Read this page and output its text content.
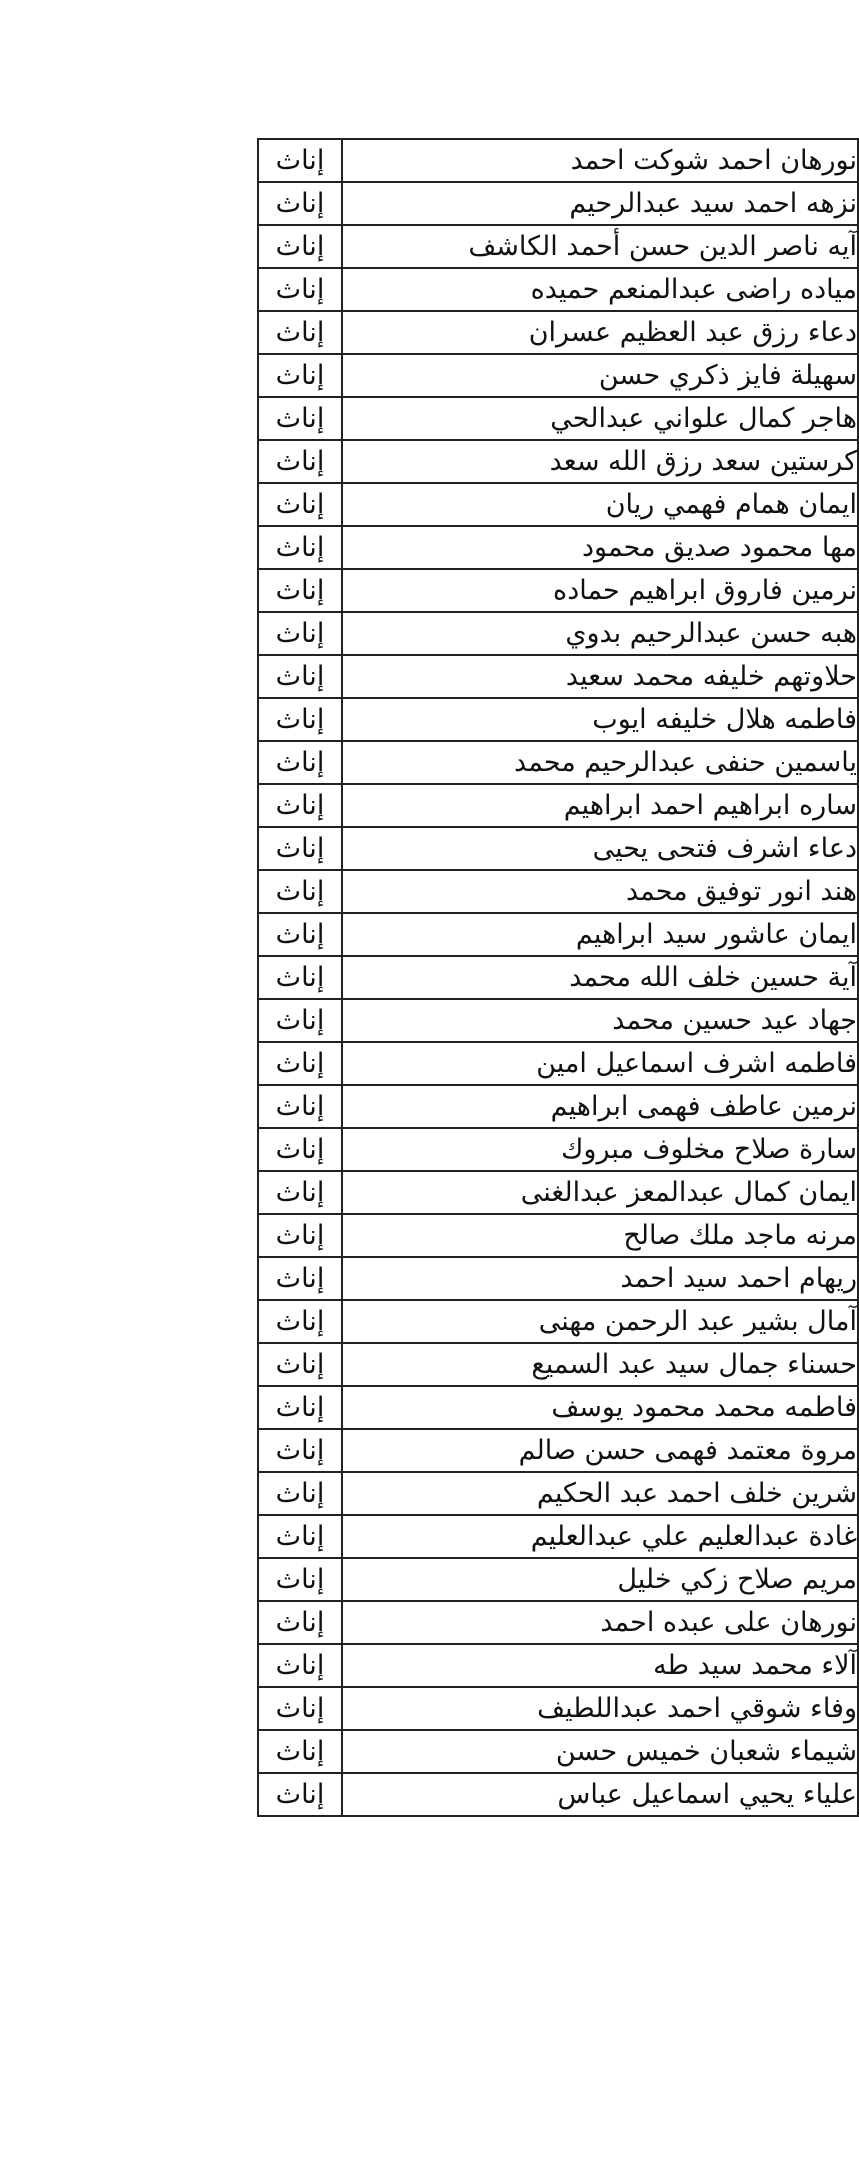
إناث	نورهان احمد شوكت احمد
إناث	نزهه احمد سيد عبدالرحيم
إناث	آيه ناصر الدين حسن أحمد الكاشف
إناث	مياده راضى عبدالمنعم حميده
إناث	دعاء رزق عبد العظيم عسران
إناث	سهيلة فايز ذكري حسن
إناث	هاجر كمال علواني عبدالحي
إناث	كرستين سعد رزق الله سعد
إناث	ايمان همام فهمي ريان
إناث	مها محمود صديق محمود
إناث	نرمين فاروق ابراهيم حماده
إناث	هبه حسن عبدالرحيم بدوي
إناث	حلاوتهم خليفه محمد سعيد
إناث	فاطمه هلال خليفه ايوب
إناث	ياسمين حنفى عبدالرحيم محمد
إناث	ساره ابراهيم احمد ابراهيم
إناث	دعاء اشرف فتحى يحيى
إناث	هند انور توفيق محمد
إناث	ايمان عاشور سيد ابراهيم
إناث	آية حسين خلف الله محمد
إناث	جهاد عيد حسين محمد
إناث	فاطمه اشرف اسماعيل امين
إناث	نرمين عاطف فهمى ابراهيم
إناث	سارة صلاح مخلوف مبروك
إناث	ايمان كمال عبدالمعز عبدالغنى
إناث	مرنه ماجد ملك صالح
إناث	ريهام احمد سيد احمد
إناث	آمال بشير عبد الرحمن مهنى
إناث	حسناء جمال سيد عبد السميع
إناث	فاطمه محمد محمود يوسف
إناث	مروة معتمد فهمى حسن صالم
إناث	شرين خلف احمد عبد الحكيم
إناث	غادة عبدالعليم علي عبدالعليم
إناث	مريم صلاح زكي خليل
إناث	نورهان على عبده احمد
إناث	آلاء محمد سيد طه
إناث	وفاء شوقي احمد عبداللطيف
إناث	شيماء شعبان خميس حسن
إناث	علياء يحيي اسماعيل عباس
